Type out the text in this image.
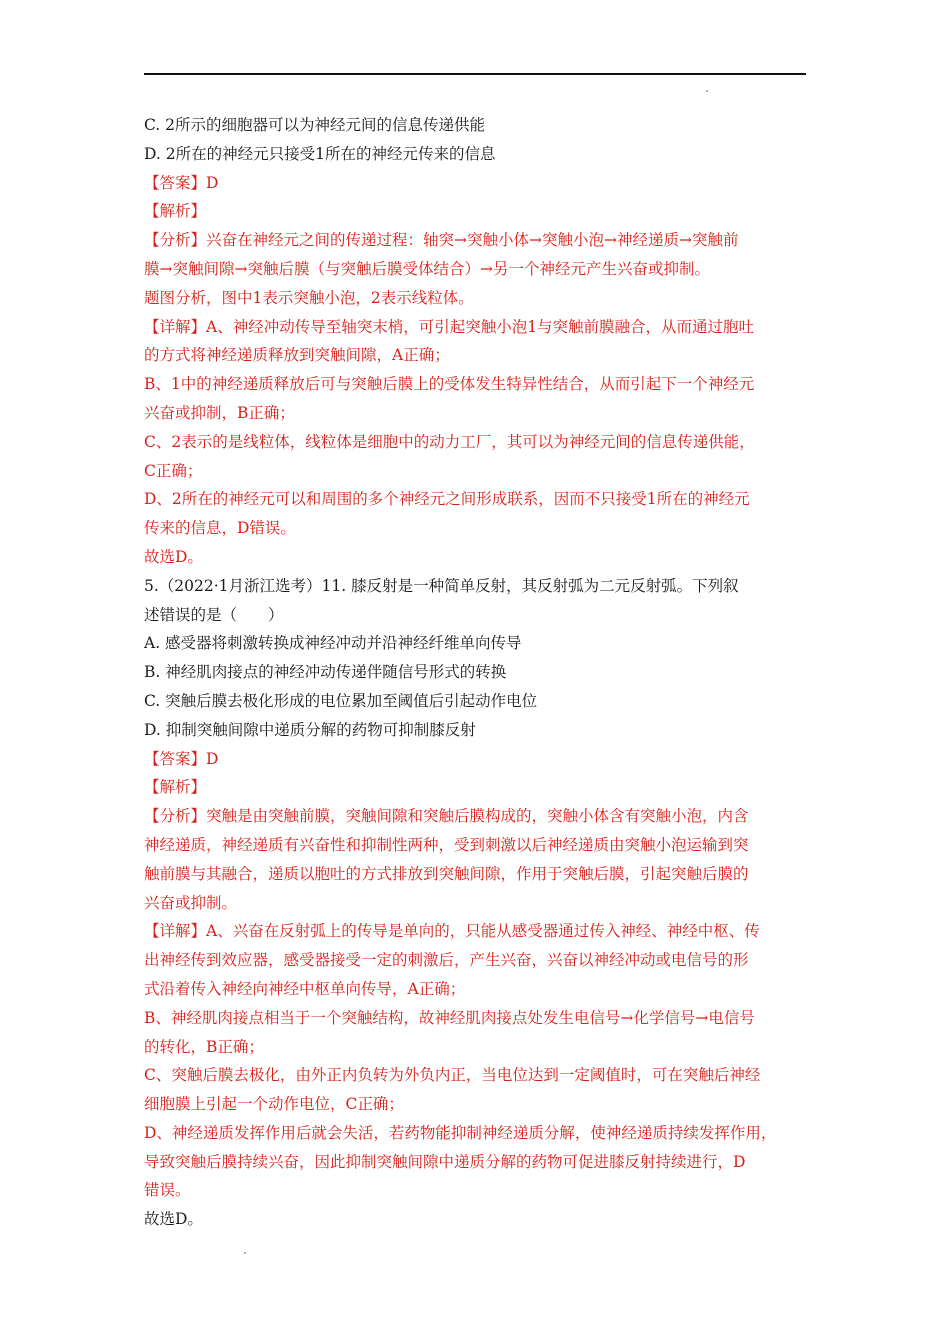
C. 2所示的细胞器可以为神经元间的信息传递供能
D. 2所在的神经元只接受1所在的神经元传来的信息
【答案】D
【解析】
【分析】兴奋在神经元之间的传递过程：轴突→突触小体→突触小泡→神经递质→突触前
膜→突触间隙→突触后膜（与突触后膜受体结合）→另一个神经元产生兴奋或抑制。
题图分析，图中1表示突触小泡，2表示线粒体。
【详解】A、神经冲动传导至轴突末梢，可引起突触小泡1与突触前膜融合，从而通过胞吐
的方式将神经递质释放到突触间隙，A正确；
B、1中的神经递质释放后可与突触后膜上的受体发生特异性结合，从而引起下一个神经元
兴奋或抑制，B正确；
C、2表示的是线粒体，线粒体是细胞中的动力工厂，其可以为神经元间的信息传递供能，
C正确；
D、2所在的神经元可以和周围的多个神经元之间形成联系，因而不只接受1所在的神经元
传来的信息，D错误。
故选D。
5.（2022·1月浙江选考）11. 膝反射是一种简单反射，其反射弧为二元反射弧。下列叙
述错误的是（　　）
A. 感受器将刺激转换成神经冲动并沿神经纤维单向传导
B. 神经肌肉接点的神经冲动传递伴随信号形式的转换
C. 突触后膜去极化形成的电位累加至阈值后引起动作电位
D. 抑制突触间隙中递质分解的药物可抑制膝反射
【答案】D
【解析】
【分析】突触是由突触前膜，突触间隙和突触后膜构成的，突触小体含有突触小泡，内含
神经递质，神经递质有兴奋性和抑制性两种，受到刺激以后神经递质由突触小泡运输到突
触前膜与其融合，递质以胞吐的方式排放到突触间隙，作用于突触后膜，引起突触后膜的
兴奋或抑制。
【详解】A、兴奋在反射弧上的传导是单向的，只能从感受器通过传入神经、神经中枢、传
出神经传到效应器，感受器接受一定的刺激后，产生兴奋，兴奋以神经冲动或电信号的形
式沿着传入神经向神经中枢单向传导，A正确；
B、神经肌肉接点相当于一个突触结构，故神经肌肉接点处发生电信号→化学信号→电信号
的转化，B正确；
C、突触后膜去极化，由外正内负转为外负内正，当电位达到一定阈值时，可在突触后神经
细胞膜上引起一个动作电位，C正确；
D、神经递质发挥作用后就会失活，若药物能抑制神经递质分解，使神经递质持续发挥作用，
导致突触后膜持续兴奋，因此抑制突触间隙中递质分解的药物可促进膝反射持续进行，D
错误。
故选D。
